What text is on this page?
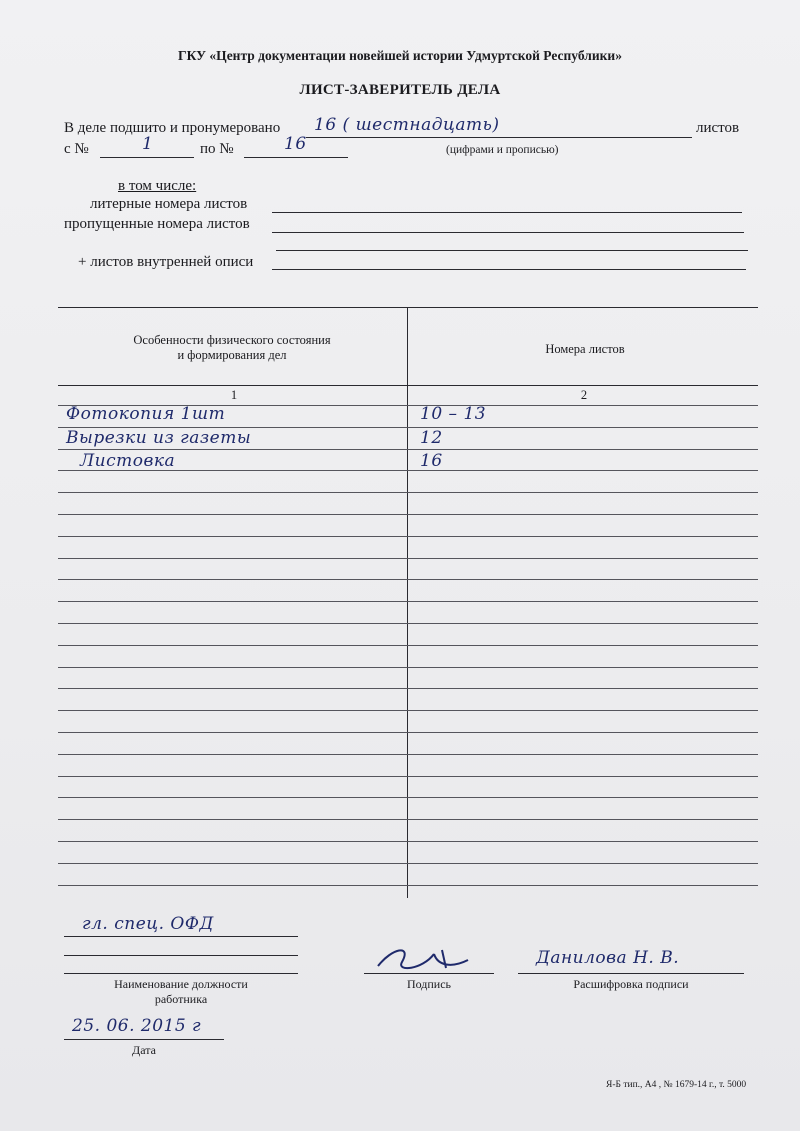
ГКУ «Центр документации новейшей истории Удмуртской Республики»
ЛИСТ-ЗАВЕРИТЕЛЬ ДЕЛА
В деле подшито и пронумеровано 16 ( шестнадцать)	листов
с №	1	по №	16	(цифрами и прописью)
в том числе:
литерные номера листов
пропущенные номера листов
+ листов внутренней описи
Особенности физического состояния
и формирования дел	Номера листов
1	2
Фотокопия 1шт	10 – 13
Вырезки из газеты	12
Листовка	16
гл. спец. ОФД
Наименование должности
работника
Подпись
Данилова Н. В.
Расшифровка подписи
25. 06. 2015 г
Дата
Я-Б тип., А4 , № 1679-14 г., т. 5000
